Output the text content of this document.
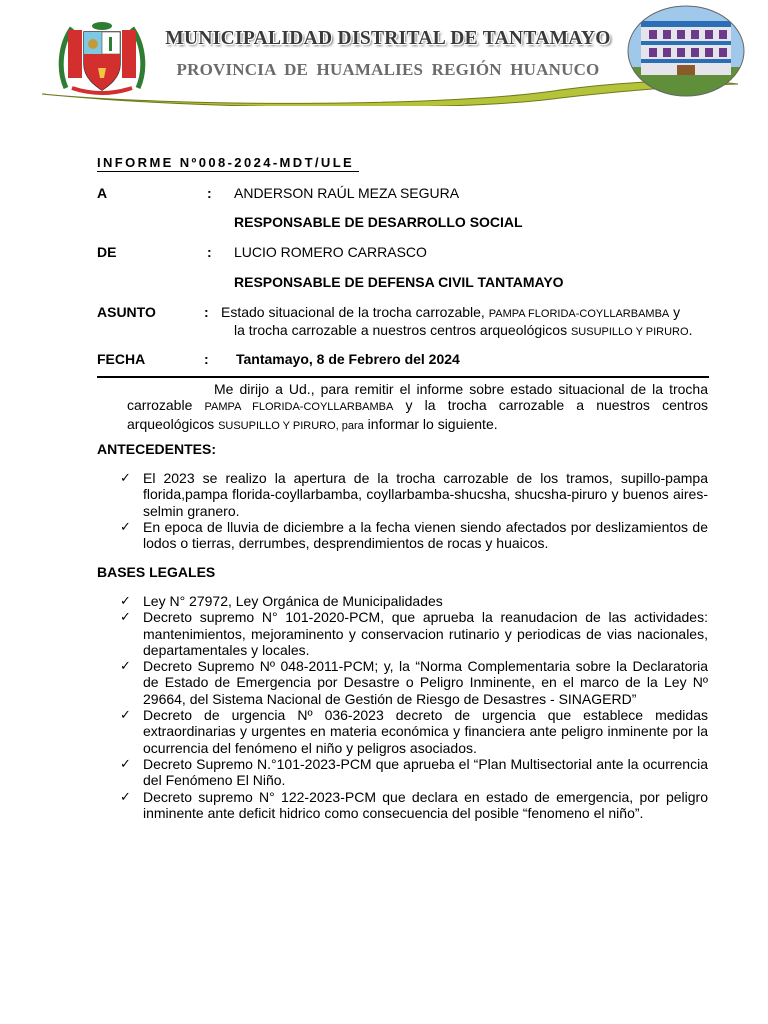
MUNICIPALIDAD DISTRITAL DE TANTAMAYO
PROVINCIA DE HUAMALIES REGIÓN HUANUCO
INFORME Nº008-2024-MDT/ULE
A	: ANDERSON RAÚL MEZA SEGURA
RESPONSABLE DE DESARROLLO SOCIAL
DE	: LUCIO ROMERO CARRASCO
RESPONSABLE DE DEFENSA CIVIL TANTAMAYO
ASUNTO	: Estado situacional de la trocha carrozable, PAMPA FLORIDA-COYLLARBAMBA y
la trocha carrozable a nuestros centros arqueológicos SUSUPILLO Y PIRURO.
FECHA	: Tantamayo, 8 de Febrero del 2024
Me dirijo a Ud., para remitir el informe sobre estado situacional de la trocha carrozable PAMPA FLORIDA-COYLLARBAMBA y la trocha carrozable a nuestros centros arqueológicos SUSUPILLO Y PIRURO, para informar lo siguiente.
ANTECEDENTES:
✓ El 2023 se realizo la apertura de la trocha carrozable de los tramos, supillo-pampa florida,pampa florida-coyllarbamba, coyllarbamba-shucsha, shucsha-piruro y buenos aires-selmin granero.
✓ En epoca de lluvia de diciembre a la fecha vienen siendo afectados por deslizamientos de lodos o tierras, derrumbes, desprendimientos de rocas y huaicos.
BASES LEGALES
✓ Ley N° 27972, Ley Orgánica de Municipalidades
✓ Decreto supremo N° 101-2020-PCM, que aprueba la reanudacion de las actividades: mantenimientos, mejoraminento y conservacion rutinario y periodicas de vias nacionales, departamentales y locales.
✓ Decreto Supremo Nº 048-2011-PCM; y, la “Norma Complementaria sobre la Declaratoria de Estado de Emergencia por Desastre o Peligro Inminente, en el marco de la Ley Nº 29664, del Sistema Nacional de Gestión de Riesgo de Desastres - SINAGERD”
✓ Decreto de urgencia Nº 036-2023 decreto de urgencia que establece medidas extraordinarias y urgentes en materia económica y financiera ante peligro inminente por la ocurrencia del fenómeno el niño y peligros asociados.
✓ Decreto Supremo N.°101-2023-PCM que aprueba el “Plan Multisectorial ante la ocurrencia del Fenómeno El Niño.
✓ Decreto supremo N° 122-2023-PCM que declara en estado de emergencia, por peligro inminente ante deficit hidrico como consecuencia del posible “fenomeno el niño”.
